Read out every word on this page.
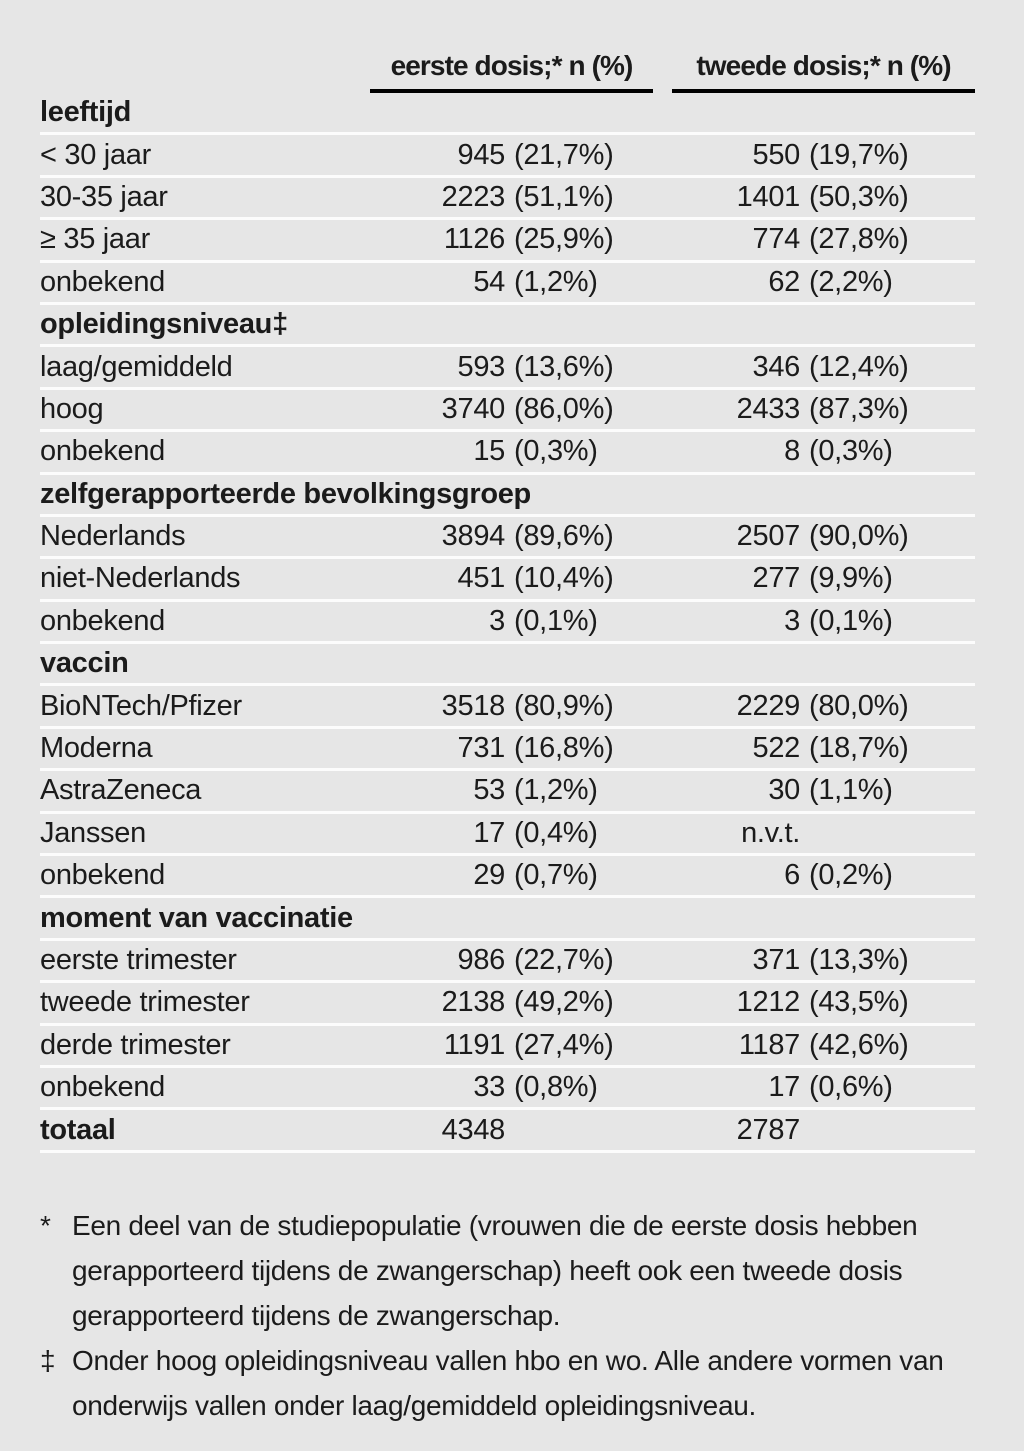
eerste dosis;* n (%)	tweede dosis;* n (%)
leeftijd
< 30 jaar	945 (21,7%)	550 (19,7%)
30-35 jaar	2223 (51,1%)	1401 (50,3%)
≥ 35 jaar	1126 (25,9%)	774 (27,8%)
onbekend	54 (1,2%)	62 (2,2%)
opleidingsniveau‡
laag/gemiddeld	593 (13,6%)	346 (12,4%)
hoog	3740 (86,0%)	2433 (87,3%)
onbekend	15 (0,3%)	8 (0,3%)
zelfgerapporteerde bevolkingsgroep
Nederlands	3894 (89,6%)	2507 (90,0%)
niet-Nederlands	451 (10,4%)	277 (9,9%)
onbekend	3 (0,1%)	3 (0,1%)
vaccin
BioNTech/Pfizer	3518 (80,9%)	2229 (80,0%)
Moderna	731 (16,8%)	522 (18,7%)
AstraZeneca	53 (1,2%)	30 (1,1%)
Janssen	17 (0,4%)	n.v.t.
onbekend	29 (0,7%)	6 (0,2%)
moment van vaccinatie
eerste trimester	986 (22,7%)	371 (13,3%)
tweede trimester	2138 (49,2%)	1212 (43,5%)
derde trimester	1191 (27,4%)	1187 (42,6%)
onbekend	33 (0,8%)	17 (0,6%)
totaal	4348	2787
* Een deel van de studiepopulatie (vrouwen die de eerste dosis hebben
gerapporteerd tijdens de zwangerschap) heeft ook een tweede dosis
gerapporteerd tijdens de zwangerschap.
‡ Onder hoog opleidingsniveau vallen hbo en wo. Alle andere vormen van
onderwijs vallen onder laag/gemiddeld opleidingsniveau.
